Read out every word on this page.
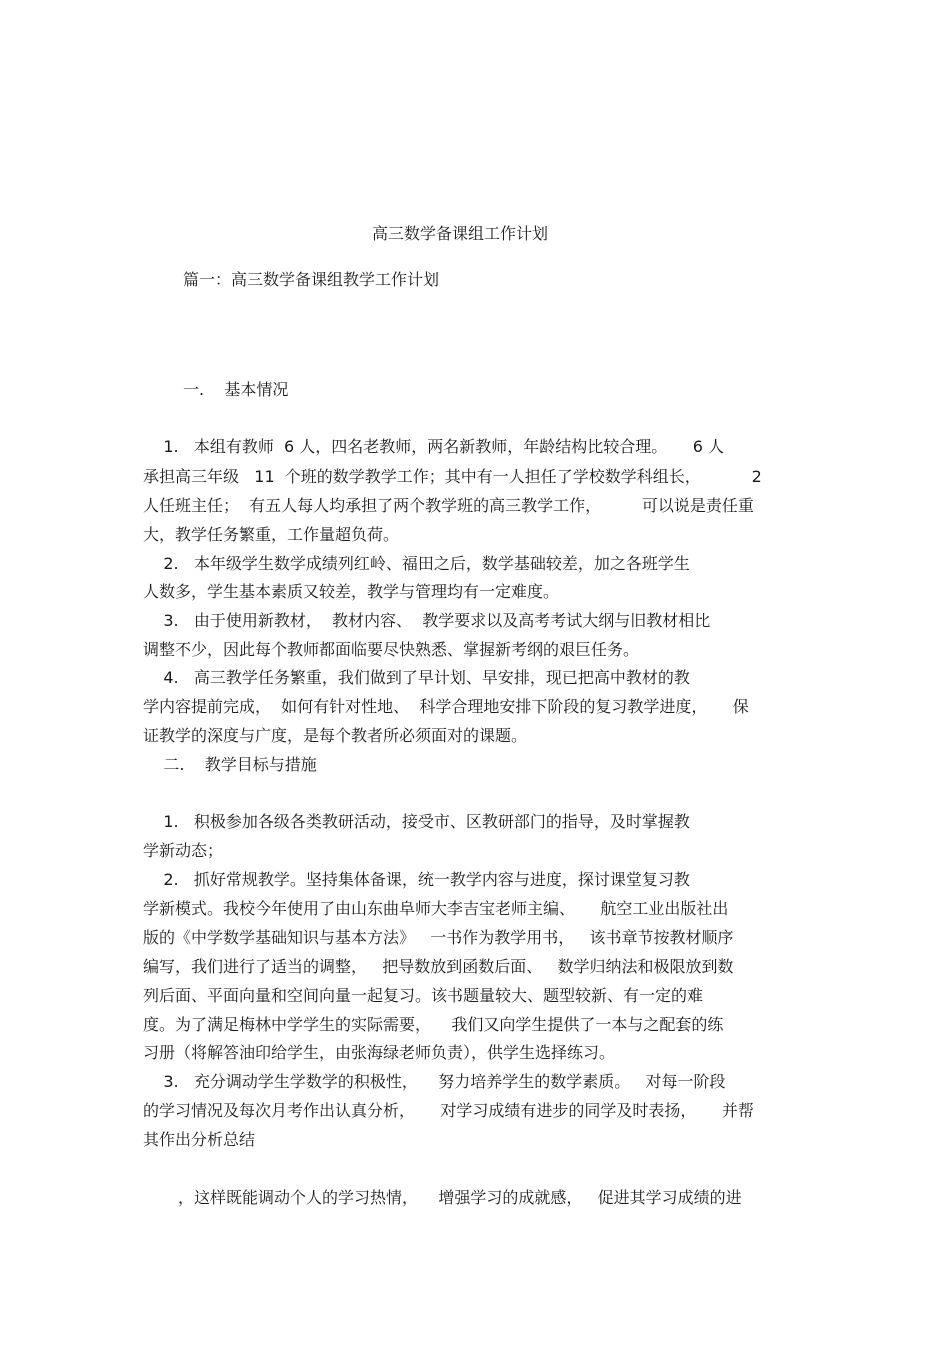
高三数学备课组工作计划
篇一：高三数学备课组教学工作计划
一.    基本情况
1.   本组有教师  6 人，四名老教师，两名新教师，年龄结构比较合理。     6 人
承担高三年级   11  个班的数学教学工作；其中有一人担任了学校数学科组长，          2
人任班主任；  有五人每人均承担了两个教学班的高三教学工作，        可以说是责任重
大，教学任务繁重，工作量超负荷。
2.   本年级学生数学成绩列红岭、福田之后，数学基础较差，加之各班学生
人数多，学生基本素质又较差，教学与管理均有一定难度。
3.   由于使用新教材，  教材内容、  教学要求以及高考考试大纲与旧教材相比
调整不少，因此每个教师都面临要尽快熟悉、掌握新考纲的艰巨任务。
4.   高三教学任务繁重，我们做到了早计划、早安排，现已把高中教材的教
学内容提前完成，  如何有针对性地、  科学合理地安排下阶段的复习教学进度，     保
证教学的深度与广度，是每个教者所必须面对的课题。
二.    教学目标与措施
1.   积极参加各级各类教研活动，接受市、区教研部门的指导，及时掌握教
学新动态；
2.   抓好常规教学。坚持集体备课，统一教学内容与进度，探讨课堂复习教
学新模式。我校今年使用了由山东曲阜师大李吉宝老师主编、     航空工业出版社出
版的《中学数学基础知识与基本方法》   一书作为教学用书，   该书章节按教材顺序
编写，我们进行了适当的调整，   把导数放到函数后面、   数学归纳法和极限放到数
列后面、平面向量和空间向量一起复习。该书题量较大、题型较新、有一定的难
度。为了满足梅林中学学生的实际需要，    我们又向学生提供了一本与之配套的练
习册（将解答油印给学生，由张海绿老师负责），供学生选择练习。
3.   充分调动学生学数学的积极性，    努力培养学生的数学素质。   对每一阶段
的学习情况及每次月考作出认真分析，     对学习成绩有进步的同学及时表扬，     并帮
其作出分析总结
，这样既能调动个人的学习热情，    增强学习的成就感，   促进其学习成绩的进
